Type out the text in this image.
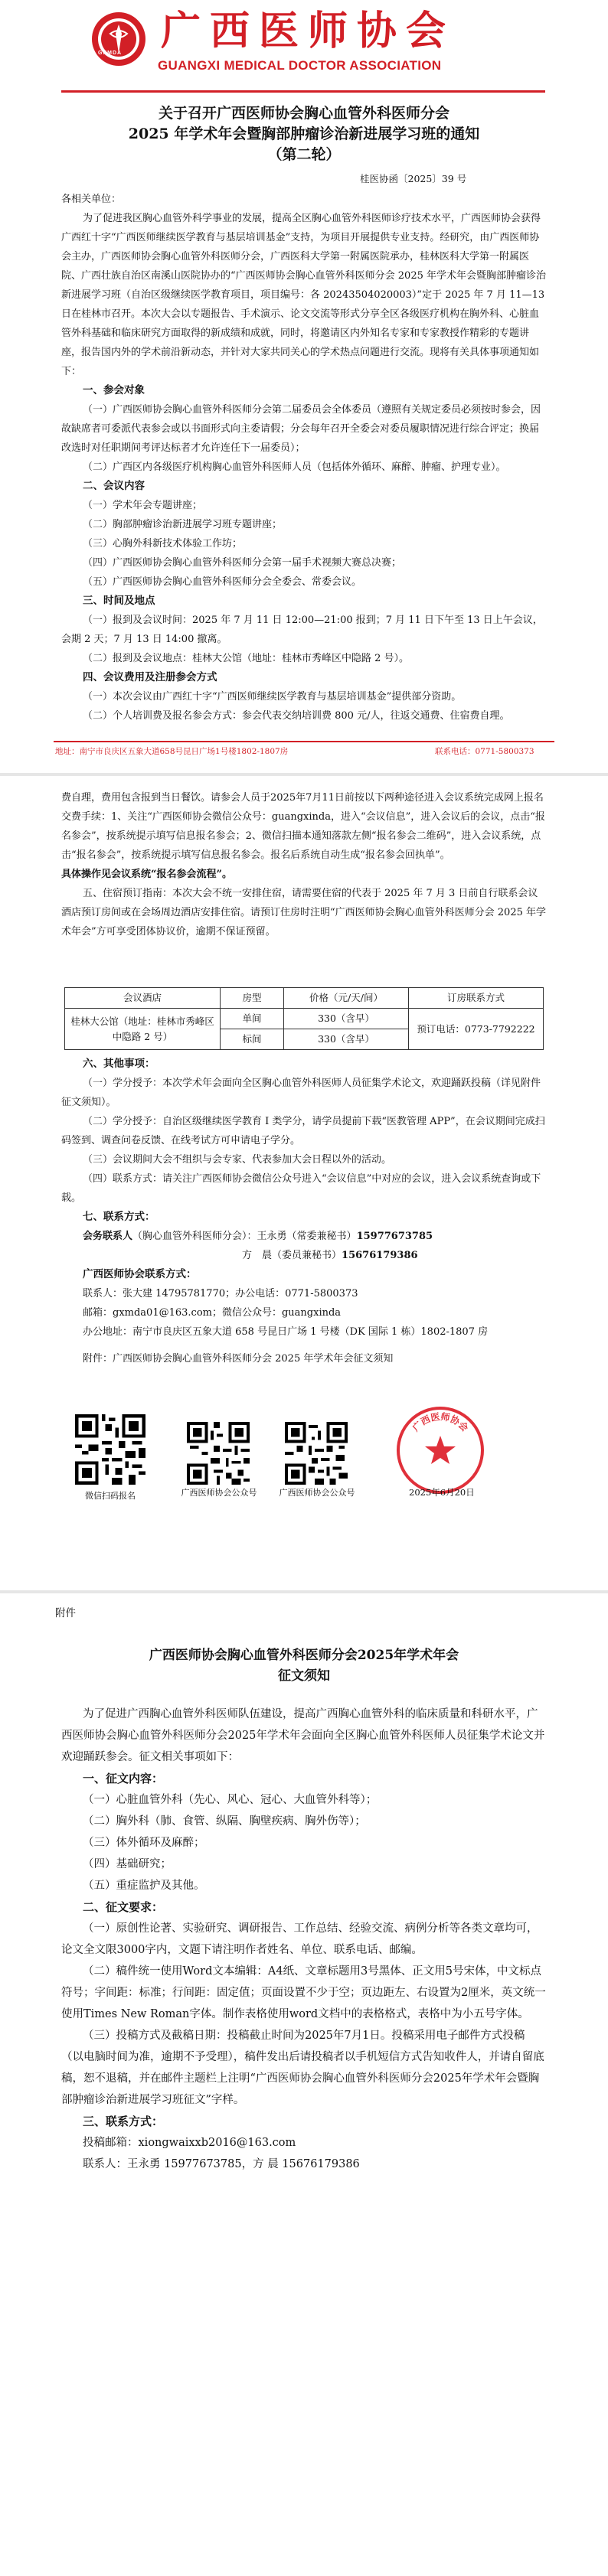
GXMDA 广西医师协会
GUANGXI MEDICAL DOCTOR ASSOCIATION

关于召开广西医师协会胸心血管外科医师分会

2025 年学术年会暨胸部肿瘤诊治新进展学习班的通知

（第二轮）

桂医协函〔2025〕39 号

各相关单位：

为了促进我区胸心血管外科学事业的发展，提高全区胸心血管外科医师诊疗技术水平，广西医师协会获得广西红十字“广西医师继续医学教育与基层培训基金”支持，为项目开展提供专业支持。经研究，由广西医师协会主办，广西医师协会胸心血管外科医师分会，广西医科大学第一附属医院承办，桂林医科大学第一附属医院、广西壮族自治区南溪山医院协办的“广西医师协会胸心血管外科医师分会 2025 年学术年会暨胸部肿瘤诊治新进展学习班（自治区级继续医学教育项目，项目编号：各 20243504020003）”定于 2025 年 7 月 11—13 日在桂林市召开。本次大会以专题报告、手术演示、论文交流等形式分享全区各级医疗机构在胸外科、心脏血管外科基础和临床研究方面取得的新成绩和成就，同时，将邀请区内外知名专家和专家教授作精彩的专题讲座，报告国内外的学术前沿新动态，并针对大家共同关心的学术热点问题进行交流。现将有关具体事项通知如下：

一、参会对象

（一）广西医师协会胸心血管外科医师分会第二届委员会全体委员（遵照有关规定委员必须按时参会，因故缺席者可委派代表参会或以书面形式向主委请假；分会每年召开全委会对委员履职情况进行综合评定；换届改选时对任职期间考评达标者才允许连任下一届委员）；

（二）广西区内各级医疗机构胸心血管外科医师人员（包括体外循环、麻醉、肿瘤、护理专业）。

二、会议内容

（一）学术年会专题讲座；

（二）胸部肿瘤诊治新进展学习班专题讲座；

（三）心胸外科新技术体验工作坊；

（四）广西医师协会胸心血管外科医师分会第一届手术视频大赛总决赛；

（五）广西医师协会胸心血管外科医师分会全委会、常委会议。

三、时间及地点

（一）报到及会议时间：2025 年 7 月 11 日 12:00—21:00 报到；7 月 11 日下午至 13 日上午会议，会期 2 天；7 月 13 日 14:00 撤离。

（二）报到及会议地点：桂林大公馆（地址：桂林市秀峰区中隐路 2 号）。

四、会议费用及注册参会方式

（一）本次会议由广西红十字“广西医师继续医学教育与基层培训基金”提供部分资助。

（二）个人培训费及报名参会方式：参会代表交纳培训费 800 元/人，往返交通费、住宿费自理。

地址：南宁市良庆区五象大道658号昆日广场1号楼1802-1807房	联系电话：0771-5800373

费自理，费用包含报到当日餐饮。请参会人员于2025年7月11日前按以下两种途径进入会议系统完成网上报名交费手续：1、关注“广西医师协会微信公众号：guangxinda，进入“会议信息”，进入会议后的会议，点击“报名参会”，按系统提示填写信息报名参会；2、微信扫描本通知落款左侧“报名参会二维码”，进入会议系统，点击“报名参会”，按系统提示填写信息报名参会。报名后系统自动生成“报名参会回执单”。

具体操作见会议系统“报名参会流程”。

五、住宿预订指南：本次大会不统一安排住宿，请需要住宿的代表于 2025 年 7 月 3 日前自行联系会议酒店预订房间或在会场周边酒店安排住宿。请预订住房时注明“广西医师协会胸心血管外科医师分会 2025 年学术年会”方可享受团体协议价，逾期不保证预留。

会议酒店	房型	价格（元/天/间）	订房联系方式
桂林大公馆（地址：桂林市秀峰区中隐路 2 号）	单间	330（含早）	预订电话：0773-7792222
	标间	330（含早）	

六、其他事项：

（一）学分授予：本次学术年会面向全区胸心血管外科医师人员征集学术论文，欢迎踊跃投稿（详见附件征文须知）。

（二）学分授予：自治区级继续医学教育 I 类学分，请学员提前下载“医教管理 APP”，在会议期间完成扫码签到、调查问卷反馈、在线考试方可申请电子学分。

（三）会议期间大会不组织与会专家、代表参加大会日程以外的活动。

（四）联系方式：请关注广西医师协会微信公众号进入“会议信息”中对应的会议，进入会议系统查询或下载。

七、联系方式：

会务联系人（胸心血管外科医师分会）：王永勇（常委兼秘书）15977673785

方　晨（委员兼秘书）15676179386

广西医师协会联系方式：

联系人：张大建 14795781770；办公电话：0771-5800373

邮箱：gxmda01@163.com；微信公众号：guangxinda

办公地址：南宁市良庆区五象大道 658 号昆日广场 1 号楼（DK 国际 1 栋）1802-1807 房

附件：广西医师协会胸心血管外科医师分会 2025 年学术年会征文须知

微信扫码报名	广西医师协会公众号	广西医师协会公众号
广西医师协会
2025年6月20日
附件

广西医师协会胸心血管外科医师分会2025年学术年会

征文须知

为了促进广西胸心血管外科医师队伍建设，提高广西胸心血管外科的临床质量和科研水平，广西医师协会胸心血管外科医师分会2025年学术年会面向全区胸心血管外科医师人员征集学术论文并欢迎踊跃参会。征文相关事项如下：

一、征文内容：

（一）心脏血管外科（先心、风心、冠心、大血管外科等）；

（二）胸外科（肺、食管、纵隔、胸壁疾病、胸外伤等）；

（三）体外循环及麻醉；

（四）基础研究；

（五）重症监护及其他。

二、征文要求：

（一）原创性论著、实验研究、调研报告、工作总结、经验交流、病例分析等各类文章均可，论文全文限3000字内，文题下请注明作者姓名、单位、联系电话、邮编。

（二）稿件统一使用Word文本编辑：A4纸、文章标题用3号黑体、正文用5号宋体，中文标点符号；字间距：标准；行间距：固定值；页面设置不少于空；页边距左、右设置为2厘米，英文统一使用Times New Roman字体。制作表格使用word文档中的表格格式，表格中为小五号字体。

（三）投稿方式及截稿日期：投稿截止时间为2025年7月1日。投稿采用电子邮件方式投稿（以电脑时间为准，逾期不予受理），稿件发出后请投稿者以手机短信方式告知收件人，并请自留底稿，恕不退稿，并在邮件主题栏上注明“广西医师协会胸心血管外科医师分会2025年学术年会暨胸部肿瘤诊治新进展学习班征文”字样。

三、联系方式：

投稿邮箱：xiongwaixxb2016@163.com

联系人：王永勇 15977673785，方 晨 15676179386
